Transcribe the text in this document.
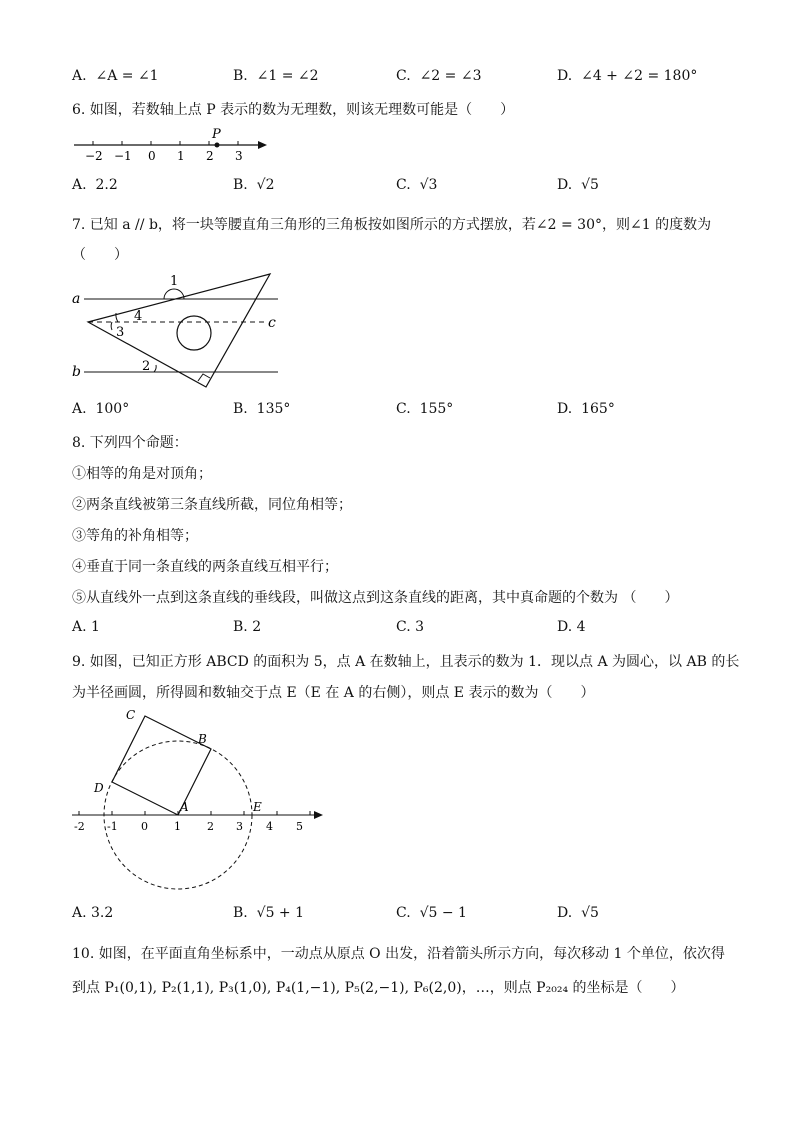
A. ∠A = ∠1	B. ∠1 = ∠2	C. ∠2 = ∠3	D. ∠4 + ∠2 = 180°
6. 如图，若数轴上点 P 表示的数为无理数，则该无理数可能是（　　）
P
−2 −1 0 1 2 3
A. 2.2	B. √2	C. √3	D. √5
7. 已知 a // b，将一块等腰直角三角形的三角板按如图所示的方式摆放，若∠2 = 30°，则∠1 的度数为
（　　）
a
b
c
1
2
3
4
A. 100°	B. 135°	C. 155°	D. 165°
8. 下列四个命题：
①相等的角是对顶角；
②两条直线被第三条直线所截，同位角相等；
③等角的补角相等；
④垂直于同一条直线的两条直线互相平行；
⑤从直线外一点到这条直线的垂线段，叫做这点到这条直线的距离，其中真命题的个数为 （　　）
A. 1	B. 2	C. 3	D. 4
9. 如图，已知正方形 ABCD 的面积为 5，点 A 在数轴上，且表示的数为 1．现以点 A 为圆心，以 AB 的长
为半径画圆，所得圆和数轴交于点 E（E 在 A 的右侧），则点 E 表示的数为（　　）
A
B
C
D
E
-2 -1 0 1 2 3 4 5
A. 3.2	B. √5 + 1	C. √5 − 1	D. √5
10. 如图，在平面直角坐标系中，一动点从原点 O 出发，沿着箭头所示方向，每次移动 1 个单位，依次得
到点 P₁(0,1), P₂(1,1), P₃(1,0), P₄(1,−1), P₅(2,−1), P₆(2,0)，…，则点 P₂₀₂₄ 的坐标是（　　）
